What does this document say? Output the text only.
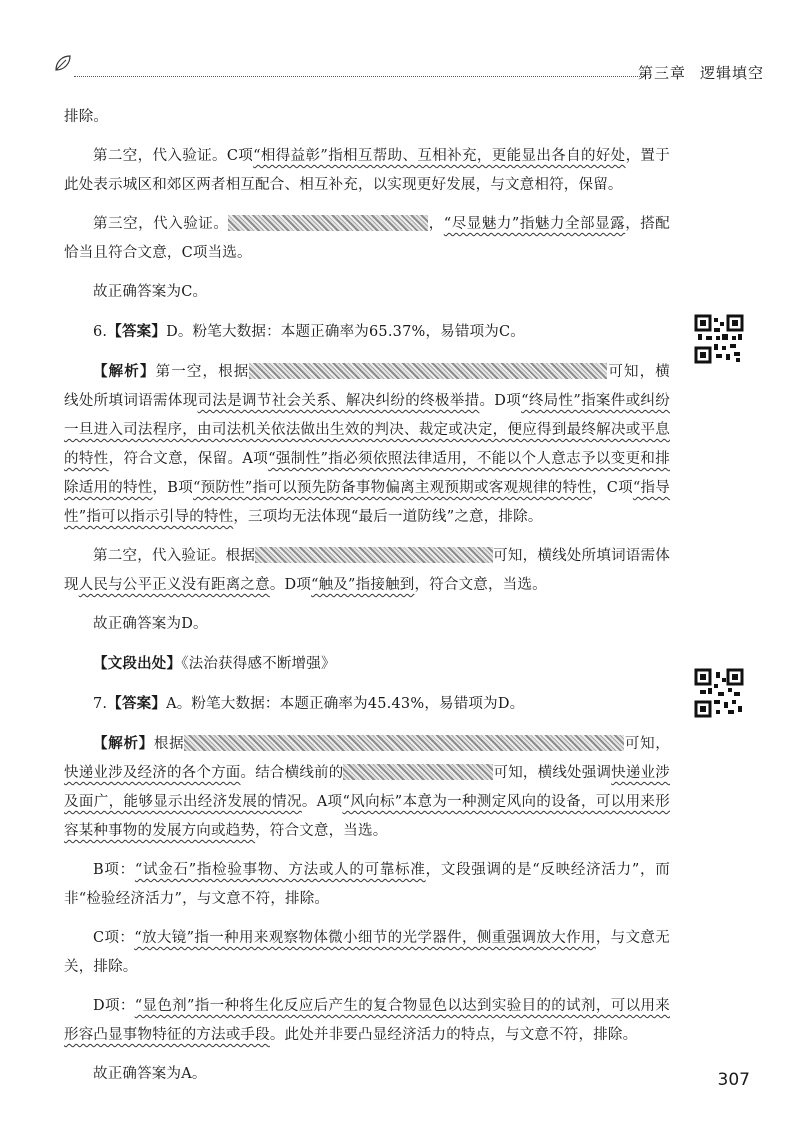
第三章 逻辑填空

排除。

第二空，代入验证。C项“相得益彰”指相互帮助、互相补充，更能显出各自的好处，置于此处表示城区和郊区两者相互配合、相互补充，以实现更好发展，与文意相符，保留。

第三空，代入验证。	，“尽显魅力”指魅力全部显露，搭配恰当且符合文意，C项当选。

故正确答案为C。

6.【答案】D。粉笔大数据：本题正确率为65.37%，易错项为C。

【解析】第一空，根据	可知，横线处所填词语需体现司法是调节社会关系、解决纠纷的终极举措。D项“终局性”指案件或纠纷一旦进入司法程序，由司法机关依法做出生效的判决、裁定或决定，便应得到最终解决或平息的特性，符合文意，保留。A项“强制性”指必须依照法律适用，不能以个人意志予以变更和排除适用的特性，B项“预防性”指可以预先防备事物偏离主观预期或客观规律的特性，C项“指导性”指可以指示引导的特性，三项均无法体现“最后一道防线”之意，排除。

第二空，代入验证。根据	可知，横线处所填词语需体现人民与公平正义没有距离之意。D项“触及”指接触到，符合文意，当选。

故正确答案为D。

【文段出处】《法治获得感不断增强》

7.【答案】A。粉笔大数据：本题正确率为45.43%，易错项为D。

【解析】根据	可知，快递业涉及经济的各个方面。结合横线前的	可知，横线处强调快递业涉及面广，能够显示出经济发展的情况。A项“风向标”本意为一种测定风向的设备，可以用来形容某种事物的发展方向或趋势，符合文意，当选。

B项：“试金石”指检验事物、方法或人的可靠标准，文段强调的是“反映经济活力”，而非“检验经济活力”，与文意不符，排除。

C项：“放大镜”指一种用来观察物体微小细节的光学器件，侧重强调放大作用，与文意无关，排除。

D项：“显色剂”指一种将生化反应后产生的复合物显色以达到实验目的的试剂，可以用来形容凸显事物特征的方法或手段。此处并非要凸显经济活力的特点，与文意不符，排除。

故正确答案为A。	307
